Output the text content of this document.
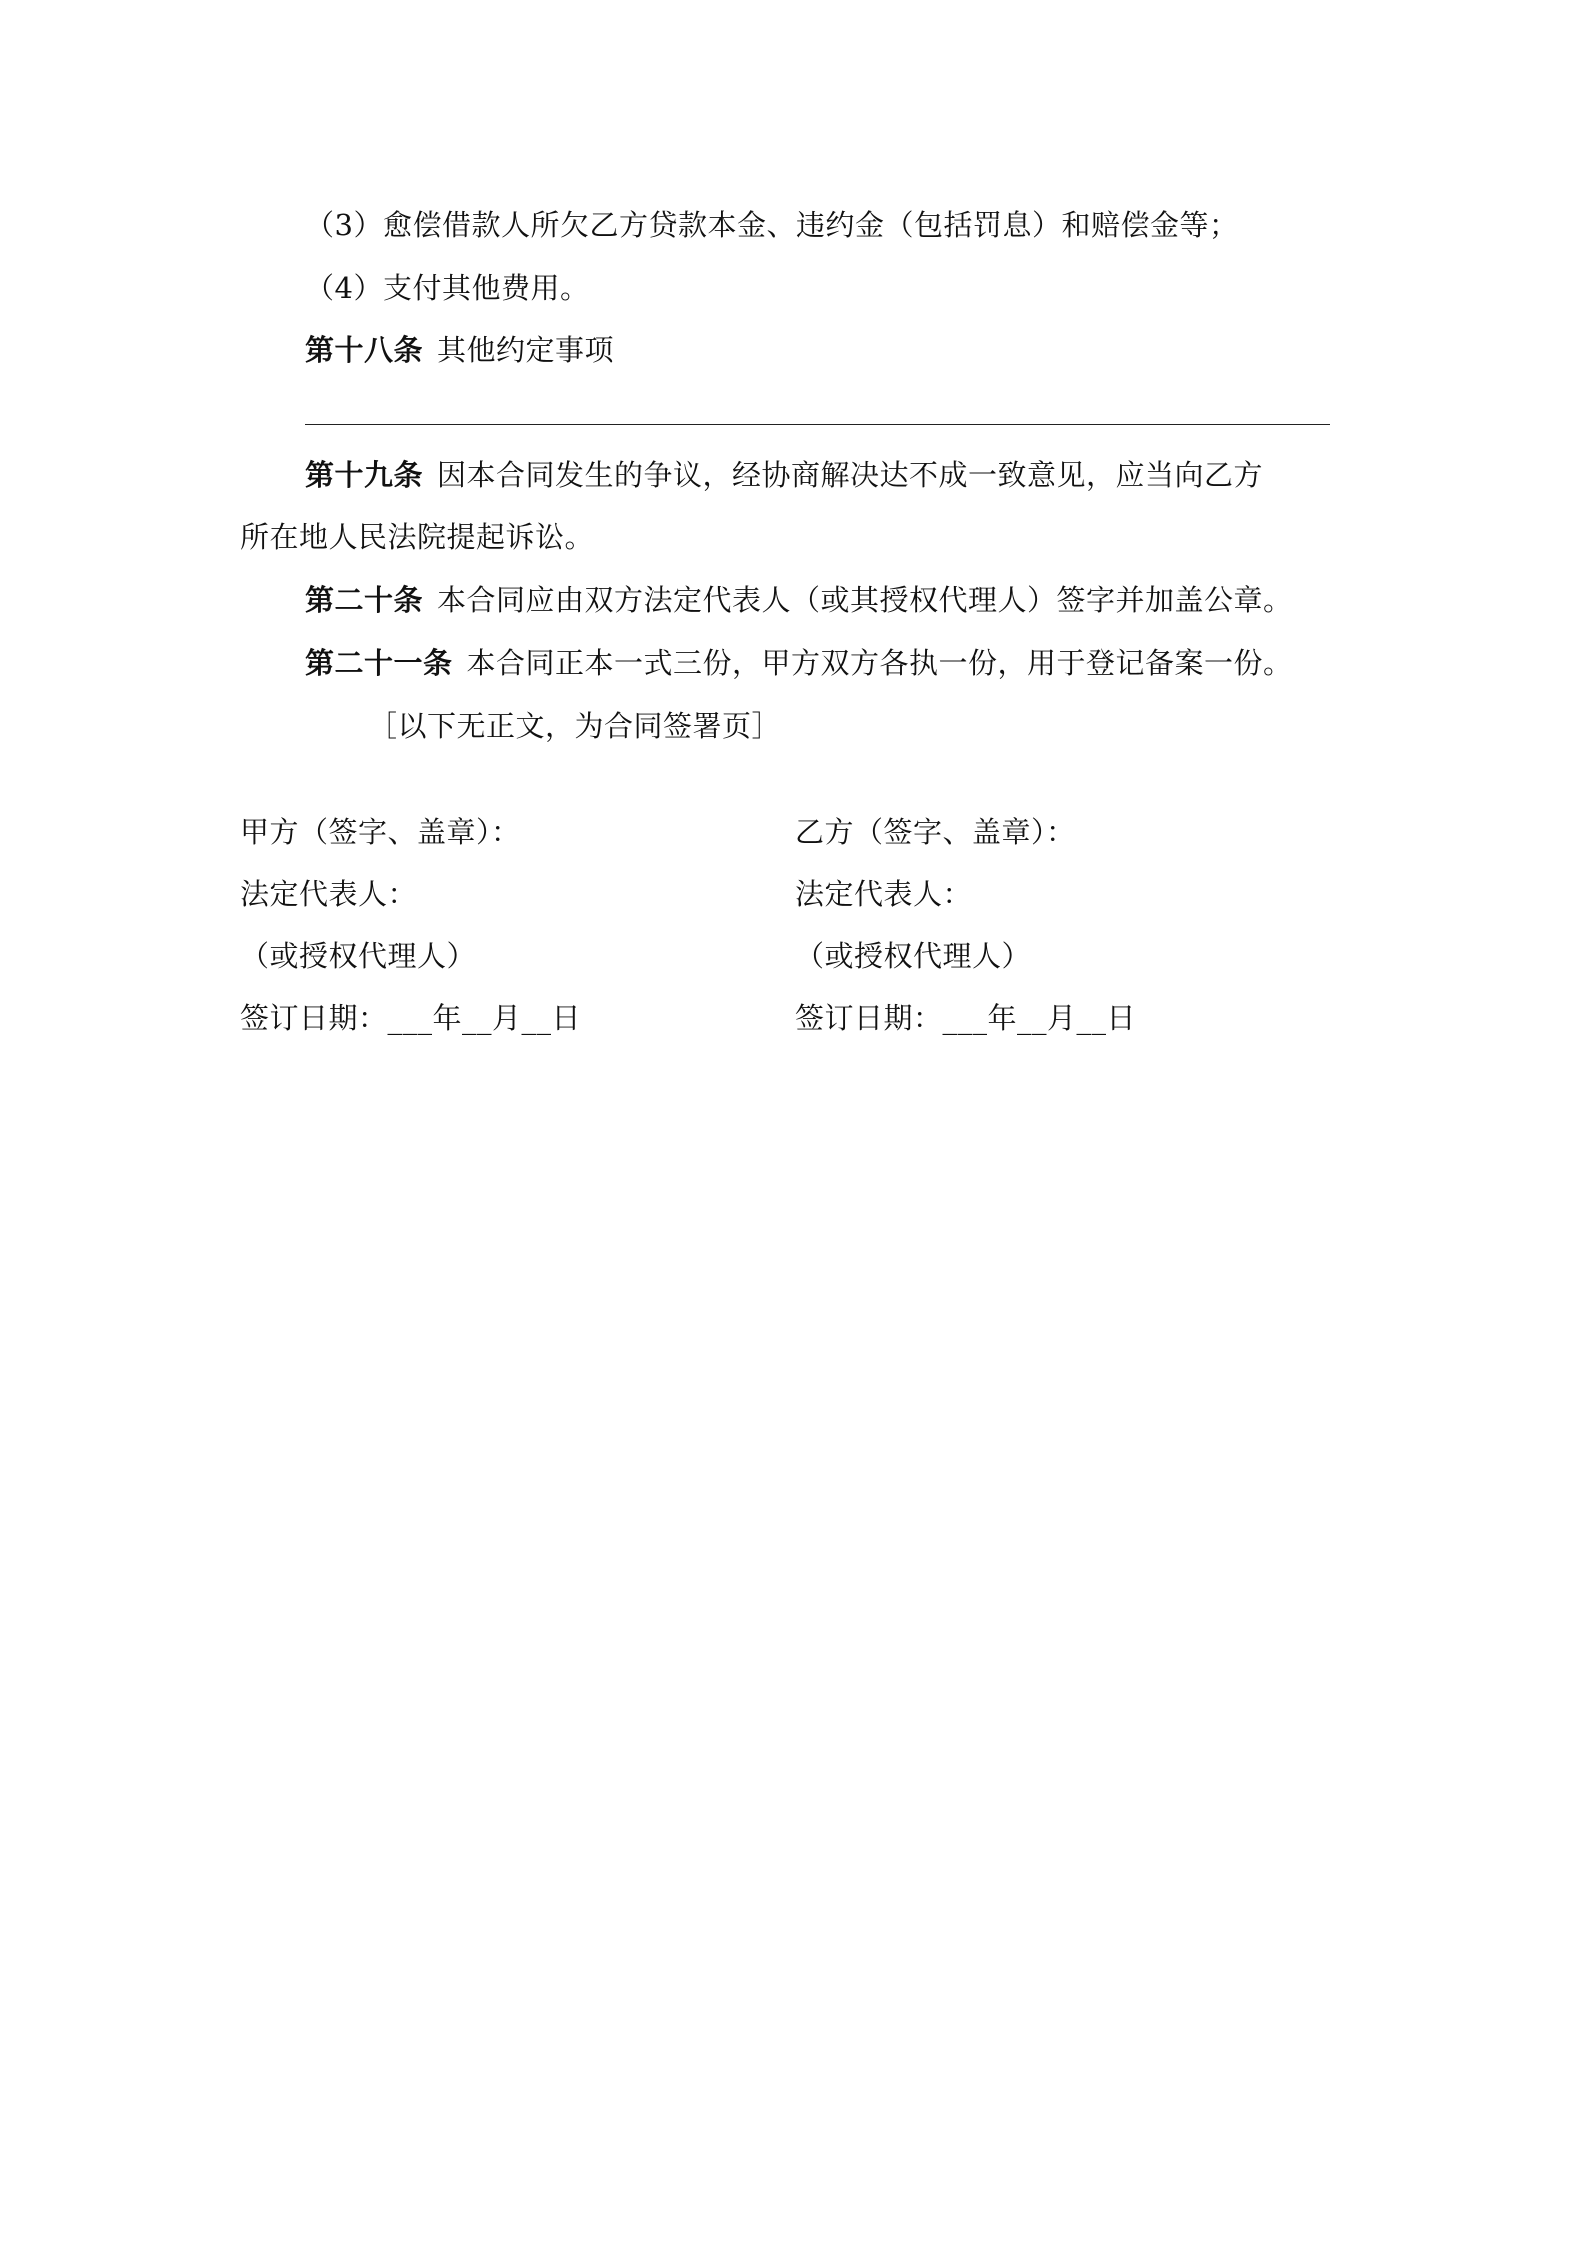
（3）愈偿借款人所欠乙方贷款本金、违约金（包括罚息）和赔偿金等；
（4）支付其他费用。
第十八条 其他约定事项
第十九条 因本合同发生的争议，经协商解决达不成一致意见，应当向乙方
所在地人民法院提起诉讼。
第二十条 本合同应由双方法定代表人（或其授权代理人）签字并加盖公章。
第二十一条 本合同正本一式三份，甲方双方各执一份，用于登记备案一份。
［以下无正文，为合同签署页］
甲方（签字、盖章）：
法定代表人：
（或授权代理人）
签订日期：___年__月__日
乙方（签字、盖章）：
法定代表人：
（或授权代理人）
签订日期：___年__月__日
